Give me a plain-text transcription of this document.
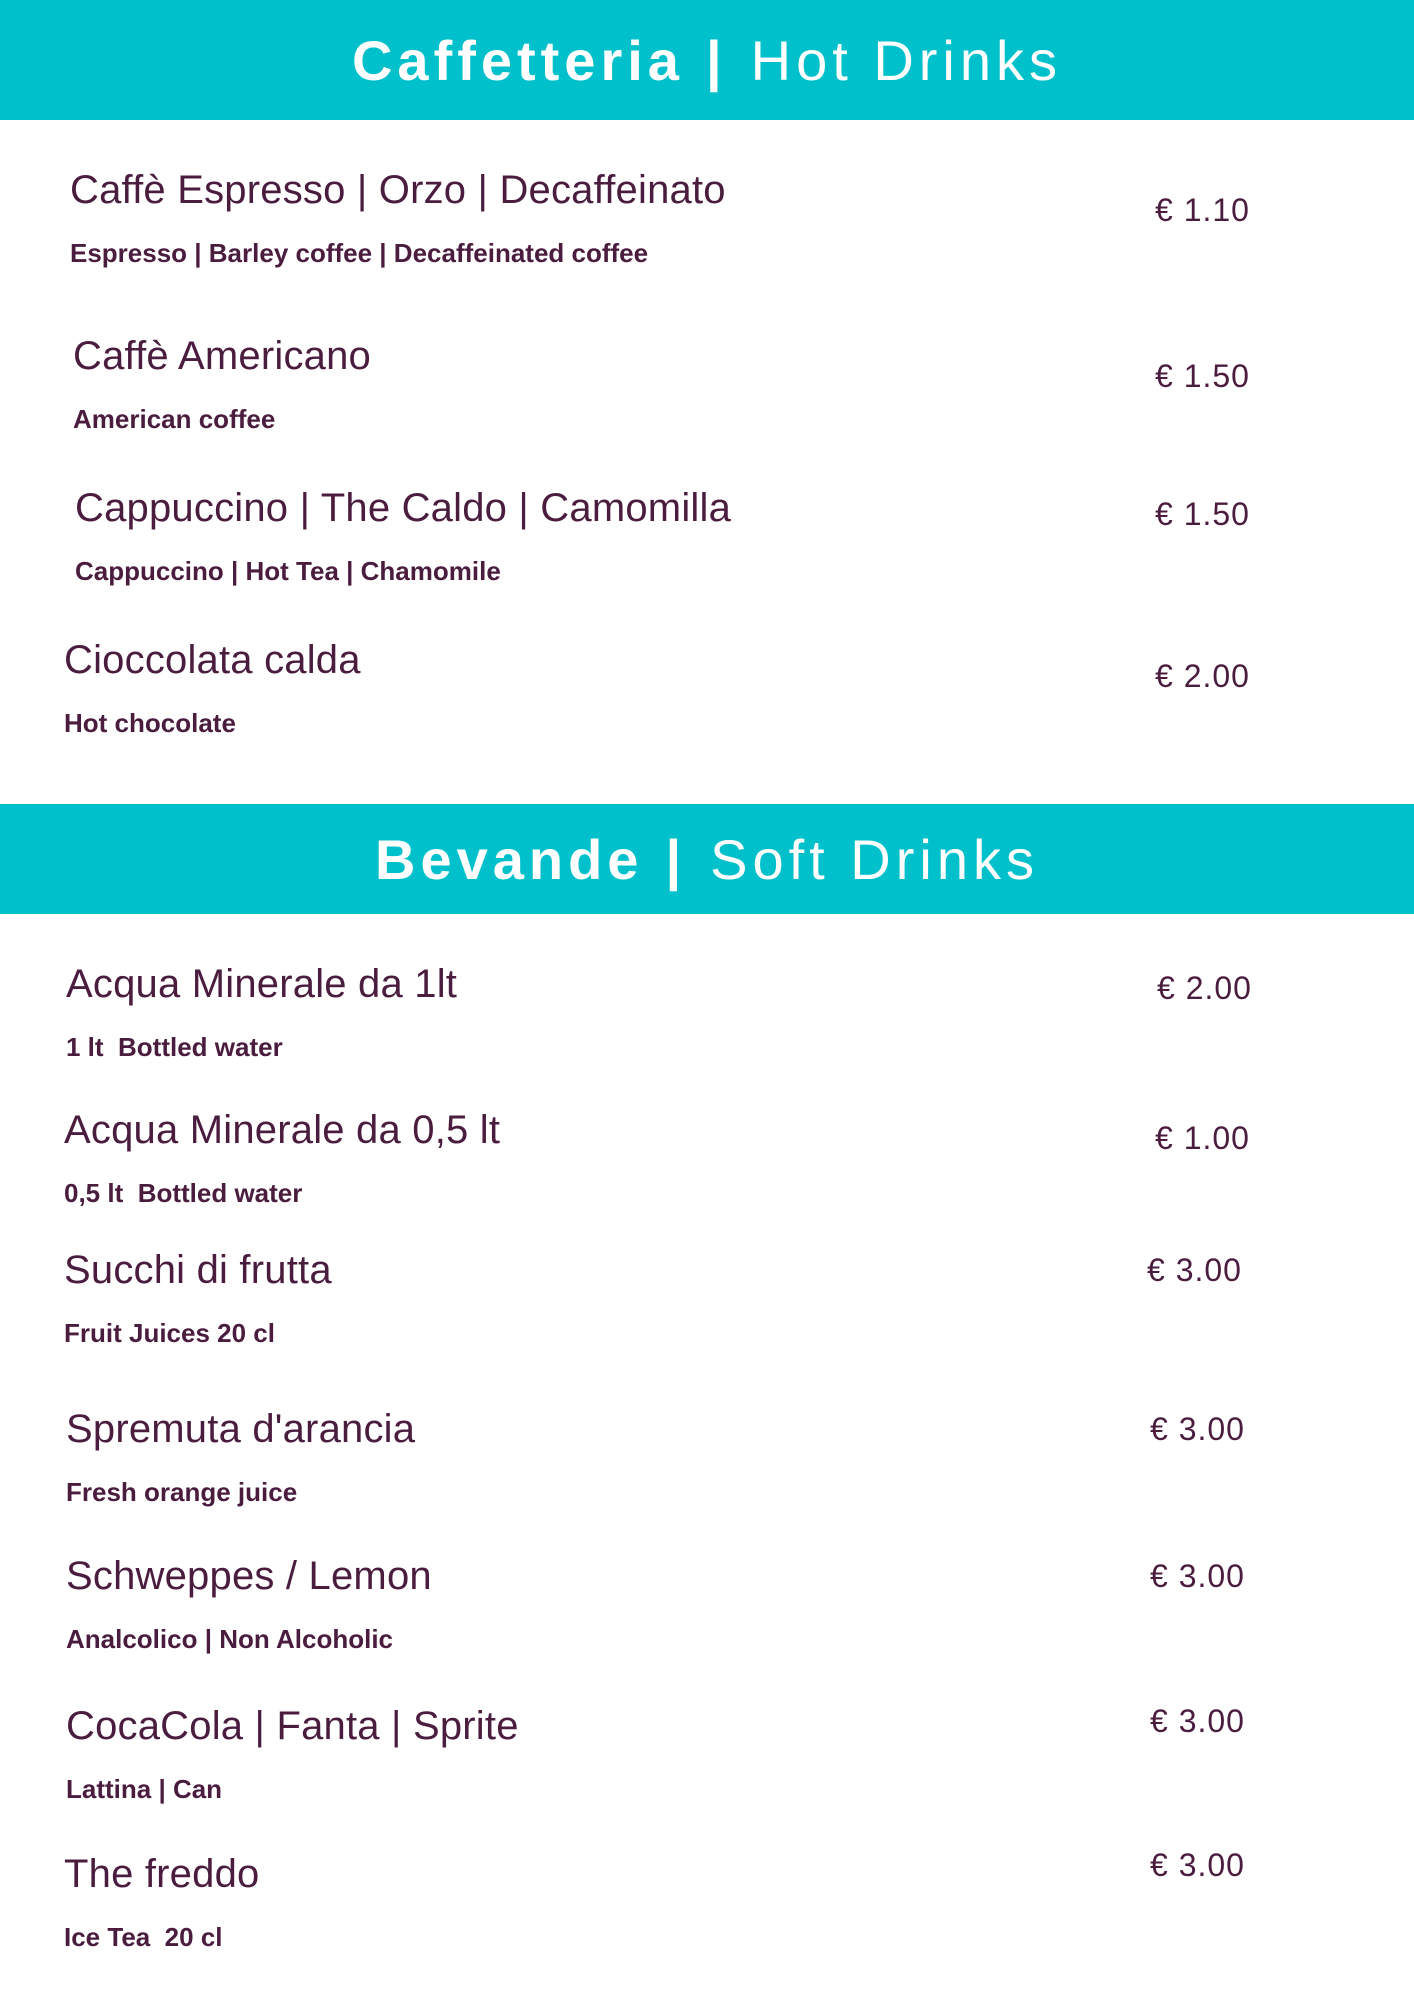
Caffetteria | Hot Drinks
Caffè Espresso | Orzo | Decaffeinato
Espresso | Barley coffee | Decaffeinated coffee
€ 1.10
Caffè Americano
American coffee
€ 1.50
Cappuccino | The Caldo | Camomilla
Cappuccino | Hot Tea | Chamomile
€ 1.50
Cioccolata calda
Hot chocolate
€ 2.00
Bevande | Soft Drinks
Acqua Minerale da 1lt
1 lt  Bottled water
€ 2.00
Acqua Minerale da 0,5 lt
0,5 lt  Bottled water
€ 1.00
Succhi di frutta
Fruit Juices 20 cl
€ 3.00
Spremuta d'arancia
Fresh orange juice
€ 3.00
Schweppes / Lemon
Analcolico | Non Alcoholic
€ 3.00
CocaCola | Fanta | Sprite
Lattina | Can
€ 3.00
The freddo
Ice Tea  20 cl
€ 3.00
